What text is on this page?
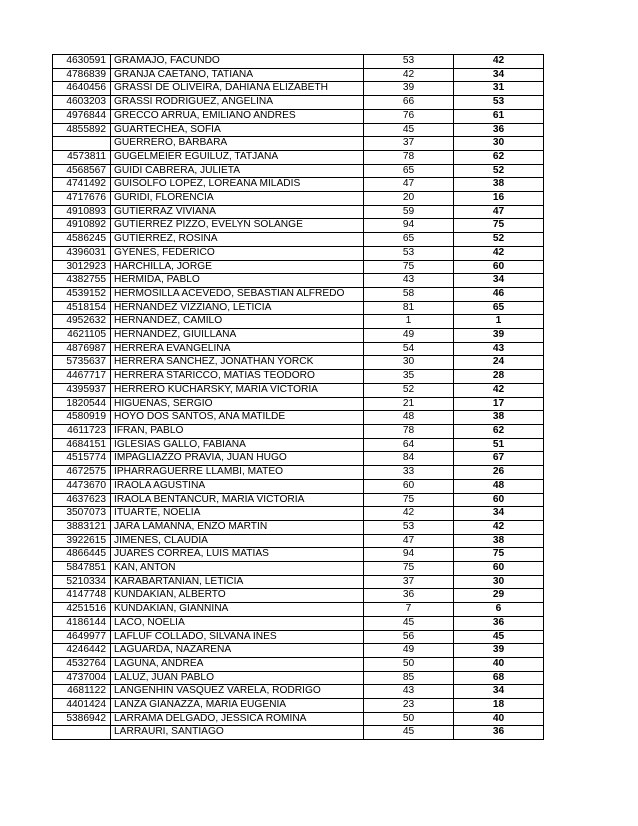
4630591	GRAMAJO, FACUNDO	53	42
4786839	GRANJA CAETANO, TATIANA	42	34
4640456	GRASSI DE OLIVEIRA, DAHIANA ELIZABETH	39	31
4603203	GRASSI RODRIGUEZ, ANGELINA	66	53
4976844	GRECCO ARRUA, EMILIANO ANDRES	76	61
4855892	GUARTECHEA, SOFÍA	45	36
	GUERRERO, BÁRBARA	37	30
4573811	GUGELMEIER EGUILUZ, TATJANA	78	62
4568567	GUIDI CABRERA, JULIETA	65	52
4741492	GUISOLFO LOPEZ, LOREANA MILADIS	47	38
4717676	GURIDI, FLORENCIA	20	16
4910893	GUTIERRAZ VIVIANA	59	47
4910892	GUTIERREZ PIZZO, EVELYN SOLANGE	94	75
4586245	GUTIÉRREZ, ROSINA	65	52
4396031	GYENES, FEDERICO	53	42
3012923	HARCHILLA, JORGE	75	60
4382755	HERMIDA, PABLO	43	34
4539152	HERMOSILLA ACEVEDO, SEBASTIAN ALFREDO	58	46
4518154	HERNANDEZ VIZZIANO, LETICIA	81	65
4952632	HERNÁNDEZ, CAMILO	1	1
4621105	HERNÁNDEZ, GIUILLANA	49	39
4876987	HERRERA EVANGELINA	54	43
5735637	HERRERA SANCHEZ, JONATHAN YORCK	30	24
4467717	HERRERA STARICCO, MATIAS TEODORO	35	28
4395937	HERRERO KUCHARSKY, MARIA VICTORIA	52	42
1820544	HIGUENAS, SERGIO	21	17
4580919	HOYO DOS SANTOS, ANA MATILDE	48	38
4611723	IFRAN, PABLO	78	62
4684151	IGLESIAS GALLO, FABIANA	64	51
4515774	IMPAGLIAZZO PRAVIA, JUAN HUGO	84	67
4672575	IPHARRAGUERRE LLAMBI, MATEO	33	26
4473670	IRAOLA AGUSTINA	60	48
4637623	IRAOLA BENTANCUR, MARIA VICTORIA	75	60
3507073	ITUARTE, NOELIA	42	34
3883121	JARA LAMANNA, ENZO MARTIN	53	42
3922615	JIMENES, CLAUDIA	47	38
4866445	JUARES CORREA, LUIS MATIAS	94	75
5847851	KAN, ANTON	75	60
5210334	KARABARTANIAN, LETICIA	37	30
4147748	KUNDAKIAN, ALBERTO	36	29
4251516	KUNDAKIAN, GIANNINA	7	6
4186144	LACO, NOELIA	45	36
4649977	LAFLUF COLLADO, SILVANA INES	56	45
4246442	LAGUARDA, NAZARENA	49	39
4532764	LAGUNA, ANDREA	50	40
4737004	LALUZ, JUAN PABLO	85	68
4681122	LANGENHIN VASQUEZ VARELA, RODRIGO	43	34
4401424	LANZA GIANAZZA, MARIA EUGENIA	23	18
5386942	LARRAMA DELGADO, JESSICA ROMINA	50	40
	LARRAURI, SANTIAGO	45	36
